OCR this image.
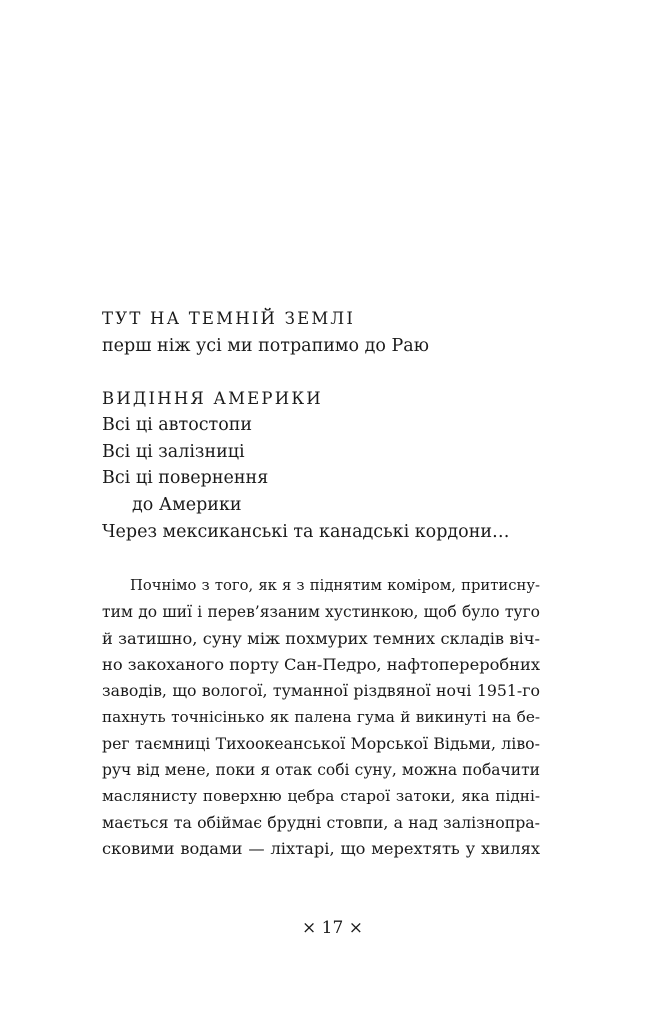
ТУТ НА ТЕМНІЙ ЗЕМЛІ
перш ніж усі ми потрапимо до Раю
ВИДІННЯ АМЕРИКИ
Всі ці автостопи
Всі ці залізниці
Всі ці повернення
до Америки
Через мексиканські та канадські кордони…
Почнімо з того, як я з піднятим коміром, притисну-
тим до шиї і перев’язаним хустинкою, щоб було туго
й затишно, суну між похмурих темних складів віч-
но закоханого порту Сан-Педро, нафтопереробних
заводів, що вологої, туманної різдвяної ночі 1951-го
пахнуть точнісінько як палена гума й викинуті на бе-
рег таємниці Тихоокеанської Морської Відьми, ліво-
руч від мене, поки я отак собі суну, можна побачити
маслянисту поверхню цебра старої затоки, яка підні-
мається та обіймає брудні стовпи, а над залізнопра-
сковими водами — ліхтарі, що мерехтять у хвилях
× 17 ×
